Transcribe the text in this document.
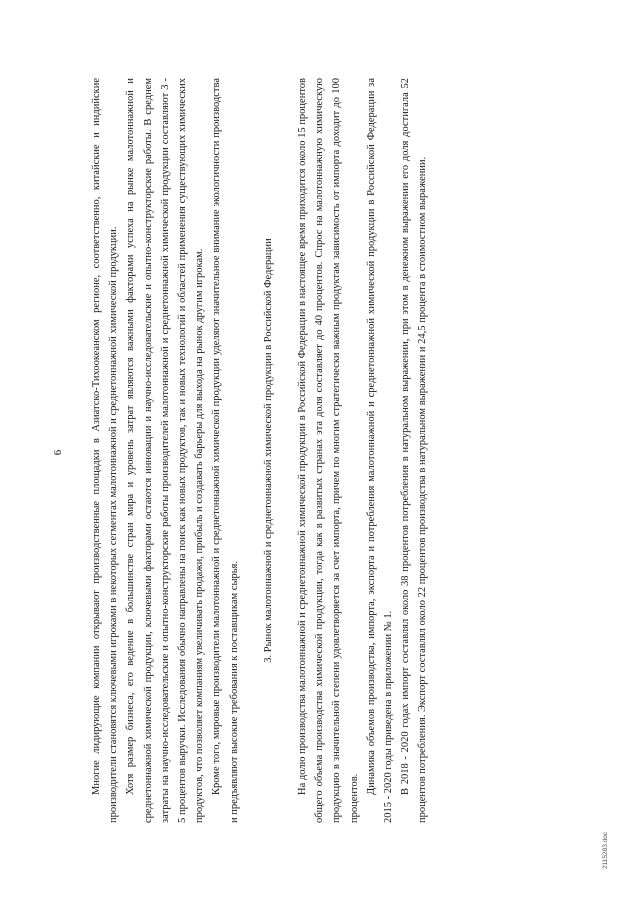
6	Многие лидирующие компании открывают производственные площадки в Азиатско-Тихоокеанском регионе, соответственно, китайские и индийские производители становятся ключевыми игроками в некоторых сегментах малотоннажной и среднетоннажной химической продукции. Хотя размер бизнеса, его ведение в большинстве стран мира и уровень затрат являются важными факторами успеха на рынке малотоннажной и среднетоннажной химической продукции, ключевыми факторами остаются инновации и научно-исследовательские и опытно-конструкторские работы. В среднем затраты на научно-исследовательские и опытно-конструкторские работы производителей малотоннажной и среднетоннажной химической продукции составляют 3 - 5 процентов выручки. Исследования обычно направлены на поиск как новых продуктов, так и новых технологий и областей применения существующих химических продуктов, что позволяет компаниям увеличивать продажи, прибыль и создавать барьеры для выхода на рынок другим игрокам. Кроме того, мировые производители малотоннажной и среднетоннажной химической продукции уделяют значительное внимание экологичности производства и предъявляют высокие требования к поставщикам сырья.

3. Рынок малотоннажной и среднетоннажной химической продукции в Российской Федерации	На долю производства малотоннажной и среднетоннажной химической продукции в Российской Федерации в настоящее время приходится около 15 процентов общего объема производства химической продукции, тогда как в развитых странах эта доля составляет до 40 процентов. Спрос на малотоннажную химическую продукцию в значительной степени удовлетворяется за счет импорта, причем по многим стратегически важным продуктам зависимость от импорта доходит до 100 процентов.

Динамика объемов производства, импорта, экспорта и потребления малотоннажной и среднетоннажной химической продукции в Российской Федерации за 2015 - 2020 годы приведена в приложении № 1. В 2018 - 2020 годах импорт составлял около 38 процентов потребления в натуральном выражении, при этом в денежном выражении его доля достигала 52 процентов потребления. Экспорт составлял около 22 процентов производства в натуральном выражении и 24,5 процента в стоимостном выражении.

2115283.doc
